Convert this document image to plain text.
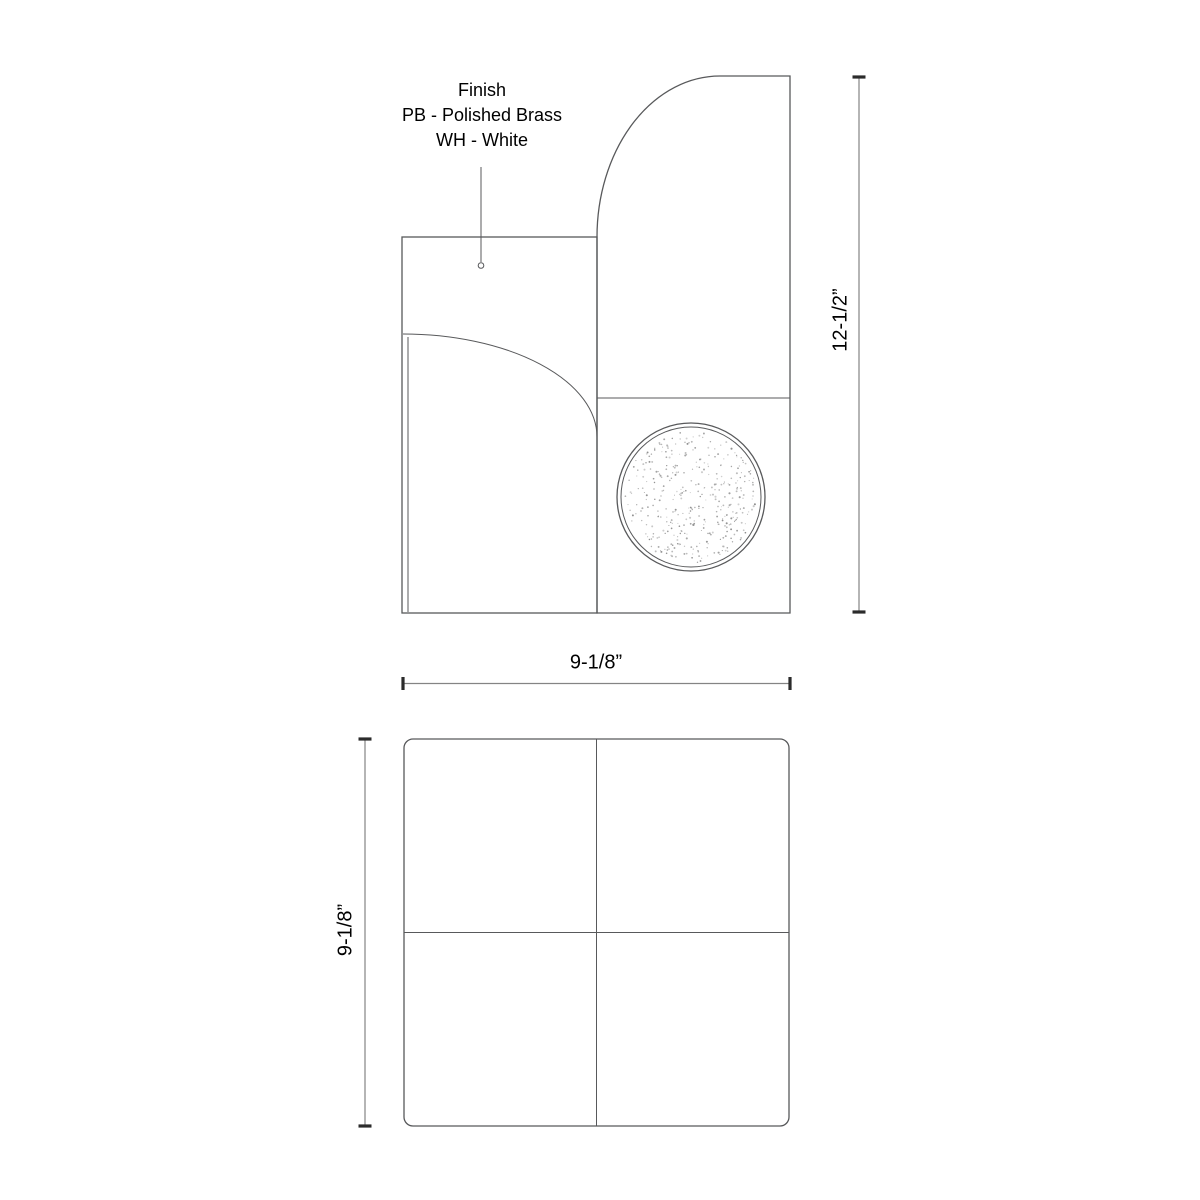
Finish
PB - Polished Brass
WH - White
12-1/2”
9-1/8”
9-1/8”
